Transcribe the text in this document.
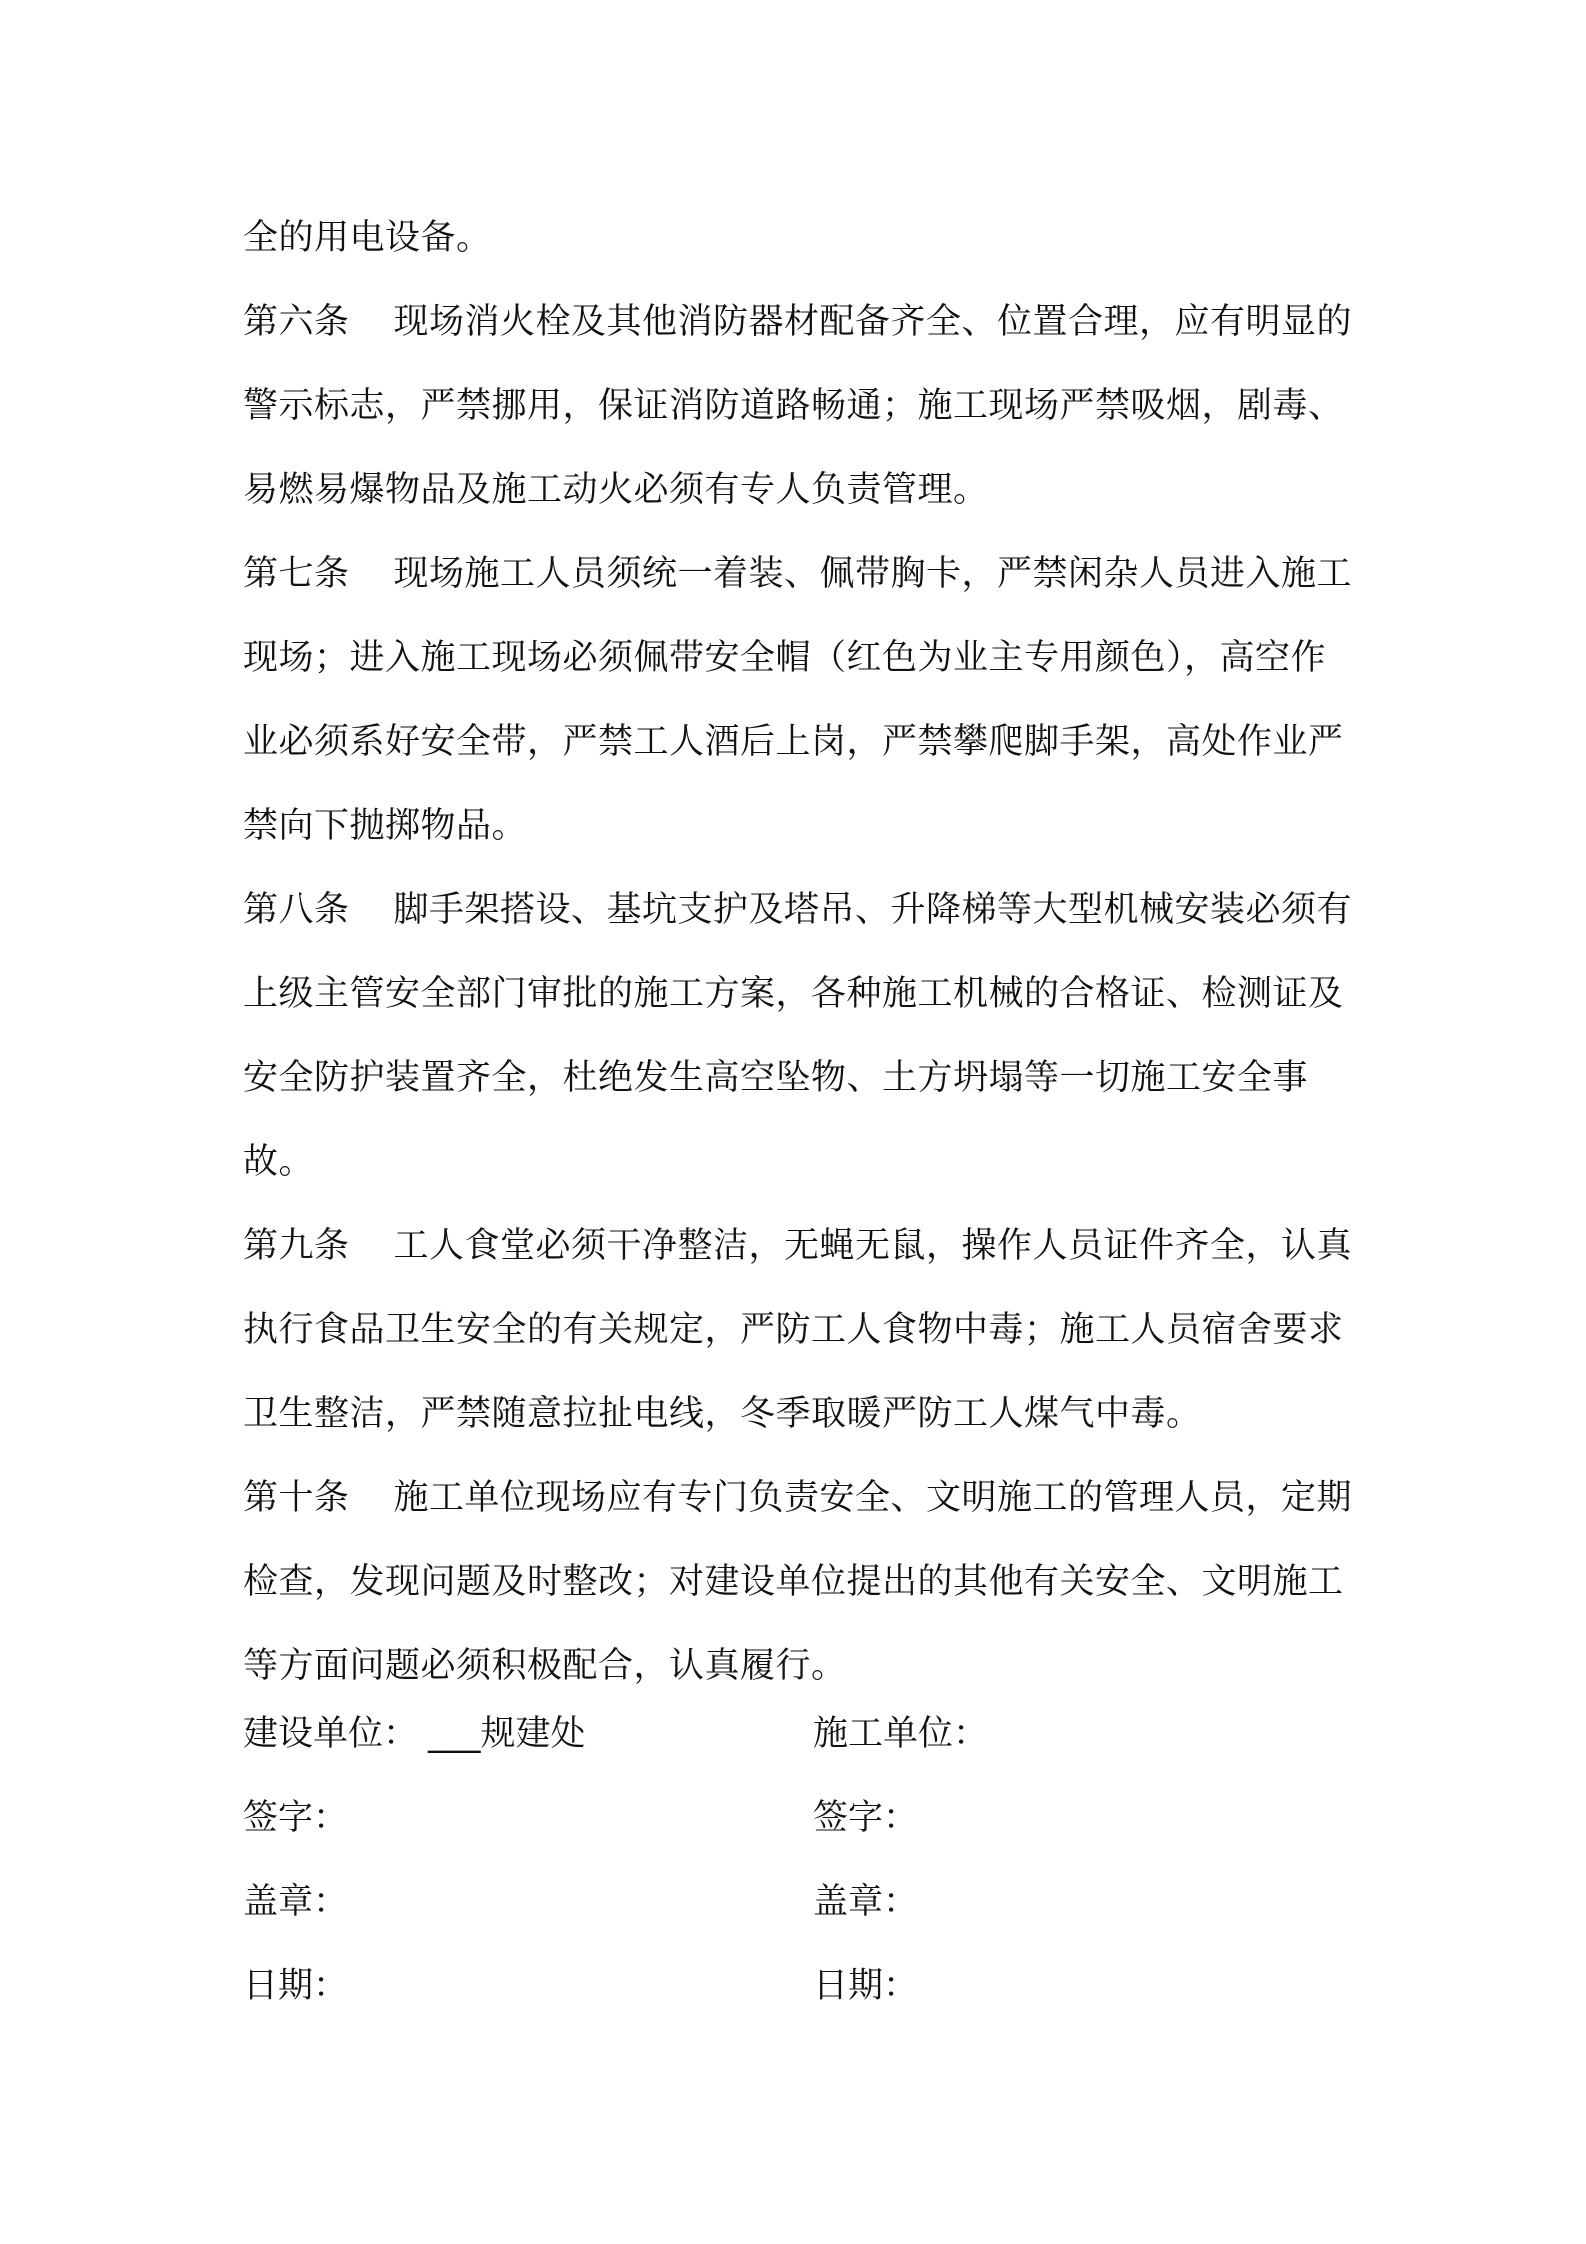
全的用电设备。

第六条 现场消火栓及其他消防器材配备齐全、位置合理，应有明显的警示标志，严禁挪用，保证消防道路畅通；施工现场严禁吸烟，剧毒、易燃易爆物品及施工动火必须有专人负责管理。

第七条 现场施工人员须统一着装、佩带胸卡，严禁闲杂人员进入施工现场；进入施工现场必须佩带安全帽（红色为业主专用颜色），高空作业必须系好安全带，严禁工人酒后上岗，严禁攀爬脚手架，高处作业严禁向下抛掷物品。

第八条 脚手架搭设、基坑支护及塔吊、升降梯等大型机械安装必须有上级主管安全部门审批的施工方案，各种施工机械的合格证、检测证及安全防护装置齐全，杜绝发生高空坠物、土方坍塌等一切施工安全事故。

第九条 工人食堂必须干净整洁，无蝇无鼠，操作人员证件齐全，认真执行食品卫生安全的有关规定，严防工人食物中毒；施工人员宿舍要求卫生整洁，严禁随意拉扯电线，冬季取暖严防工人煤气中毒。

第十条 施工单位现场应有专门负责安全、文明施工的管理人员，定期检查，发现问题及时整改；对建设单位提出的其他有关安全、文明施工等方面问题必须积极配合，认真履行。

建设单位： ___规建处	施工单位：
签字：	签字：
盖章：	盖章：
日期：	日期：
